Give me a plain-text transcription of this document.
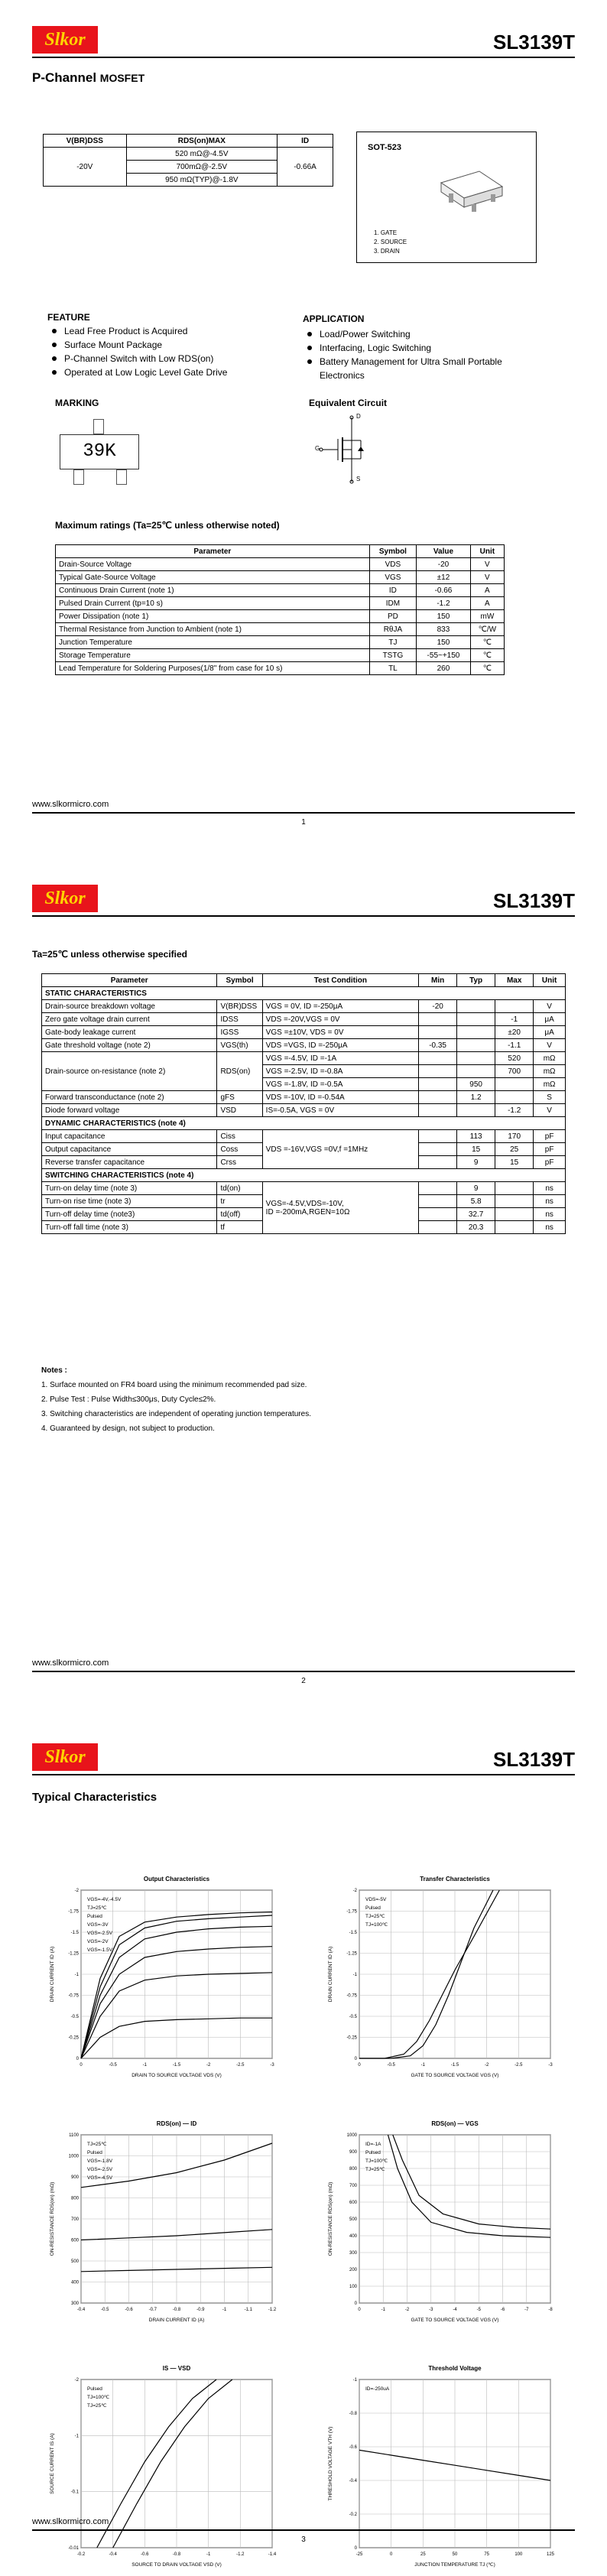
Slkor	SL3139T
P-Channel MOSFET
V(BR)DSS	RDS(on)MAX	ID
-20V	520 mΩ@-4.5V	-0.66A
	700mΩ@-2.5V	
	950 mΩ(TYP)@-1.8V	
SOT-523
1. GATE
2. SOURCE
3. DRAIN
FEATURE
Lead Free Product is Acquired
Surface Mount Package
P-Channel Switch with Low RDS(on)
Operated at Low Logic Level Gate Drive
APPLICATION
Load/Power Switching
Interfacing, Logic Switching
Battery Management for Ultra Small Portable Electronics
MARKING
39K
Equivalent Circuit
G
D
S
Maximum ratings (Ta=25℃ unless otherwise noted)
Parameter	Symbol	Value	Unit
Drain-Source Voltage	VDS	-20	V
Typical Gate-Source Voltage	VGS	±12	V
Continuous Drain Current (note 1)	ID	-0.66	A
Pulsed Drain Current (tp=10 s)	IDM	-1.2	A
Power Dissipation (note 1)	PD	150	mW
Thermal Resistance from Junction to Ambient (note 1)	RθJA	833	℃/W
Junction Temperature	TJ	150	℃
Storage Temperature	TSTG	-55~+150	℃
Lead Temperature for Soldering Purposes(1/8" from case for 10 s)	TL	260	℃
www.slkormicro.com
1
Slkor	SL3139T
Ta=25℃ unless otherwise specified
Parameter	Symbol	Test Condition	Min	Typ	Max	Unit
STATIC CHARACTERISTICS						
Drain-source breakdown voltage	V(BR)DSS	VGS = 0V, ID =-250μA	-20			V
Zero gate voltage drain current	IDSS	VDS =-20V,VGS = 0V			-1	μA
Gate-body leakage current	IGSS	VGS =±10V, VDS = 0V			±20	μA
Gate threshold voltage (note 2)	VGS(th)	VDS =VGS, ID =-250μA	-0.35		-1.1	V
Drain-source on-resistance (note 2)	RDS(on)	VGS =-4.5V, ID =-1A			520	mΩ
		VGS =-2.5V, ID =-0.8A			700	mΩ
		VGS =-1.8V, ID =-0.5A		950		mΩ
Forward transconductance (note 2)	gFS	VDS =-10V, ID =-0.54A		1.2		S
Diode forward voltage	VSD	IS=-0.5A, VGS = 0V			-1.2	V
DYNAMIC CHARACTERISTICS (note 4)						
Input capacitance	Ciss	VDS =-16V,VGS =0V,f =1MHz		113	170	pF
Output capacitance	Coss			15	25	pF
Reverse transfer capacitance	Crss			9	15	pF
SWITCHING CHARACTERISTICS (note 4)						
Turn-on delay time (note 3)	td(on)	VGS=-4.5V,VDS=-10V,
ID =-200mA,RGEN=10Ω		9		ns
Turn-on rise time (note 3)	tr			5.8		ns
Turn-off delay time (note3)	td(off)			32.7		ns
Turn-off fall time (note 3)	tf			20.3		ns
Notes :
1. Surface mounted on FR4 board using the minimum recommended pad size.
2. Pulse Test : Pulse Width≤300μs, Duty Cycle≤2%.
3. Switching characteristics are independent of operating junction temperatures.
4. Guaranteed by design, not subject to production.
www.slkormicro.com
2
Slkor	SL3139T
Typical Characteristics
0	-0.5	-1	-1.5	-2	-2.5	-3
0
-0.25
-0.5
-0.75
-1
-1.25
-1.5
-1.75
-2
Output Characteristics
DRAIN TO SOURCE VOLTAGE VDS (V)
DRAIN CURRENT ID (A)
VGS=-4V,-4.5V
TJ=25℃
Pulsed
VGS=-3V
VGS=-2.5V
VGS=-2V
VGS=-1.5V
0	-0.5	-1	-1.5	-2	-2.5	-3
0
-0.25
-0.5
-0.75
-1
-1.25
-1.5
-1.75
-2
Transfer Characteristics
GATE TO SOURCE VOLTAGE VGS (V)
DRAIN CURRENT ID (A)
VDS=-5V
Pulsed
TJ=25℃
TJ=100℃
-0.4	-0.5	-0.6	-0.7	-0.8	-0.9	-1	-1.1	-1.2
300
400
500
600
700
800
900
1000
1100
RDS(on) — ID
DRAIN CURRENT ID (A)
ON-RESISTANCE RDS(on) (mΩ)
TJ=25℃
Pulsed
VGS=-1.8V
VGS=-2.5V
VGS=-4.5V
0	-1	-2	-3	-4	-5	-6	-7	-8
0
100
200
300
400
500
600
700
800
900
1000
RDS(on) — VGS
GATE TO SOURCE VOLTAGE VGS (V)
ON-RESISTANCE RDS(on) (mΩ)
ID=-1A
Pulsed
TJ=100℃
TJ=25℃
-0.2	-0.4	-0.6	-0.8	-1	-1.2	-1.4
-0.01
-0.1
-1
-2
IS — VSD
SOURCE TO DRAIN VOLTAGE VSD (V)
SOURCE CURRENT IS (A)
Pulsed
TJ=100℃
TJ=25℃
-25	0	25	50	75	100	125
0
-0.2
-0.4
-0.6
-0.8
-1
Threshold Voltage
JUNCTION TEMPERATURE TJ (℃)
THRESHOLD VOLTAGE VTH (V)
ID=-250uA
www.slkormicro.com
3
